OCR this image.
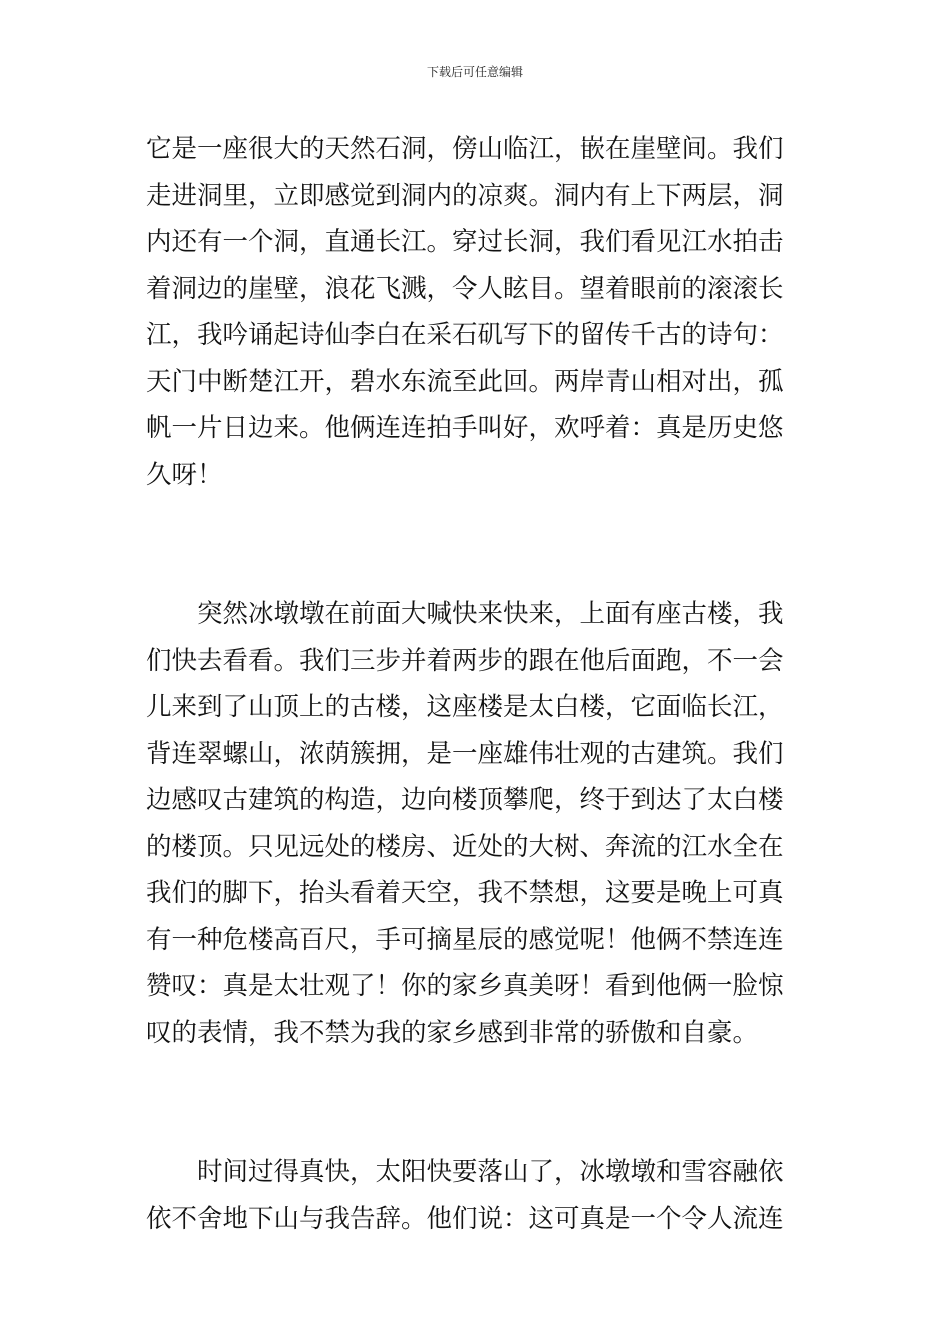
下载后可任意编辑
它是一座很大的天然石洞，傍山临江，嵌在崖壁间。我们
走进洞里，立即感觉到洞内的凉爽。洞内有上下两层，洞
内还有一个洞，直通长江。穿过长洞，我们看见江水拍击
着洞边的崖壁，浪花飞溅，令人眩目。望着眼前的滚滚长
江，我吟诵起诗仙李白在采石矶写下的留传千古的诗句：
天门中断楚江开，碧水东流至此回。两岸青山相对出，孤
帆一片日边来。他俩连连拍手叫好，欢呼着：真是历史悠
久呀！
　　突然冰墩墩在前面大喊快来快来，上面有座古楼，我
们快去看看。我们三步并着两步的跟在他后面跑，不一会
儿来到了山顶上的古楼，这座楼是太白楼，它面临长江，
背连翠螺山，浓荫簇拥，是一座雄伟壮观的古建筑。我们
边感叹古建筑的构造，边向楼顶攀爬，终于到达了太白楼
的楼顶。只见远处的楼房、近处的大树、奔流的江水全在
我们的脚下，抬头看着天空，我不禁想，这要是晚上可真
有一种危楼高百尺，手可摘星辰的感觉呢！他俩不禁连连
赞叹：真是太壮观了！你的家乡真美呀！看到他俩一脸惊
叹的表情，我不禁为我的家乡感到非常的骄傲和自豪。
　　时间过得真快，太阳快要落山了，冰墩墩和雪容融依
依不舍地下山与我告辞。他们说：这可真是一个令人流连
